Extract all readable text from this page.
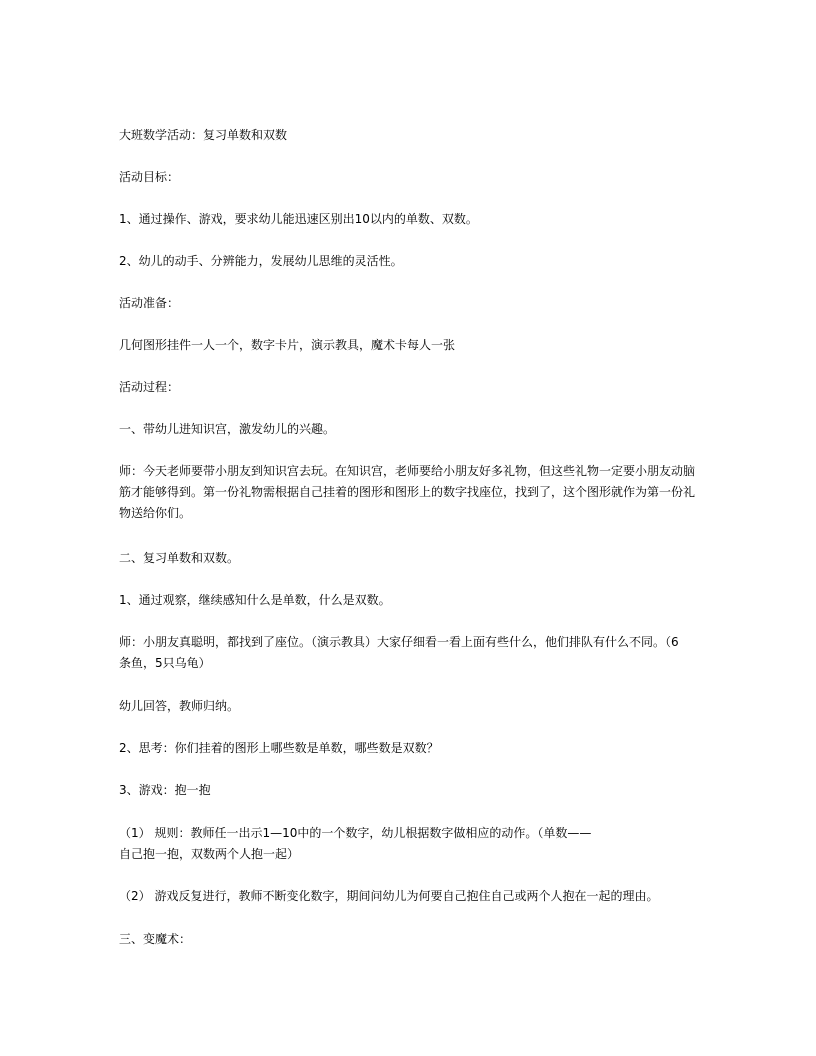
大班数学活动：复习单数和双数
活动目标：
1、通过操作、游戏，要求幼儿能迅速区别出10以内的单数、双数。
2、幼儿的动手、分辨能力，发展幼儿思维的灵活性。
活动准备：
几何图形挂件一人一个，数字卡片，演示教具，魔术卡每人一张
活动过程：
一、带幼儿进知识宫，激发幼儿的兴趣。
师：今天老师要带小朋友到知识宫去玩。在知识宫，老师要给小朋友好多礼物，但这些礼物一定要小朋友动脑
筋才能够得到。第一份礼物需根据自己挂着的图形和图形上的数字找座位，找到了，这个图形就作为第一份礼
物送给你们。
二、复习单数和双数。
1、通过观察，继续感知什么是单数，什么是双数。
师：小朋友真聪明，都找到了座位。（演示教具）大家仔细看一看上面有些什么，他们排队有什么不同。（6
条鱼，5只乌龟）
幼儿回答，教师归纳。
2、思考：你们挂着的图形上哪些数是单数，哪些数是双数？
3、游戏：抱一抱
（1） 规则：教师任一出示1—10中的一个数字，幼儿根据数字做相应的动作。（单数——
自己抱一抱，双数两个人抱一起）
（2） 游戏反复进行，教师不断变化数字，期间问幼儿为何要自己抱住自己或两个人抱在一起的理由。
三、变魔术：
